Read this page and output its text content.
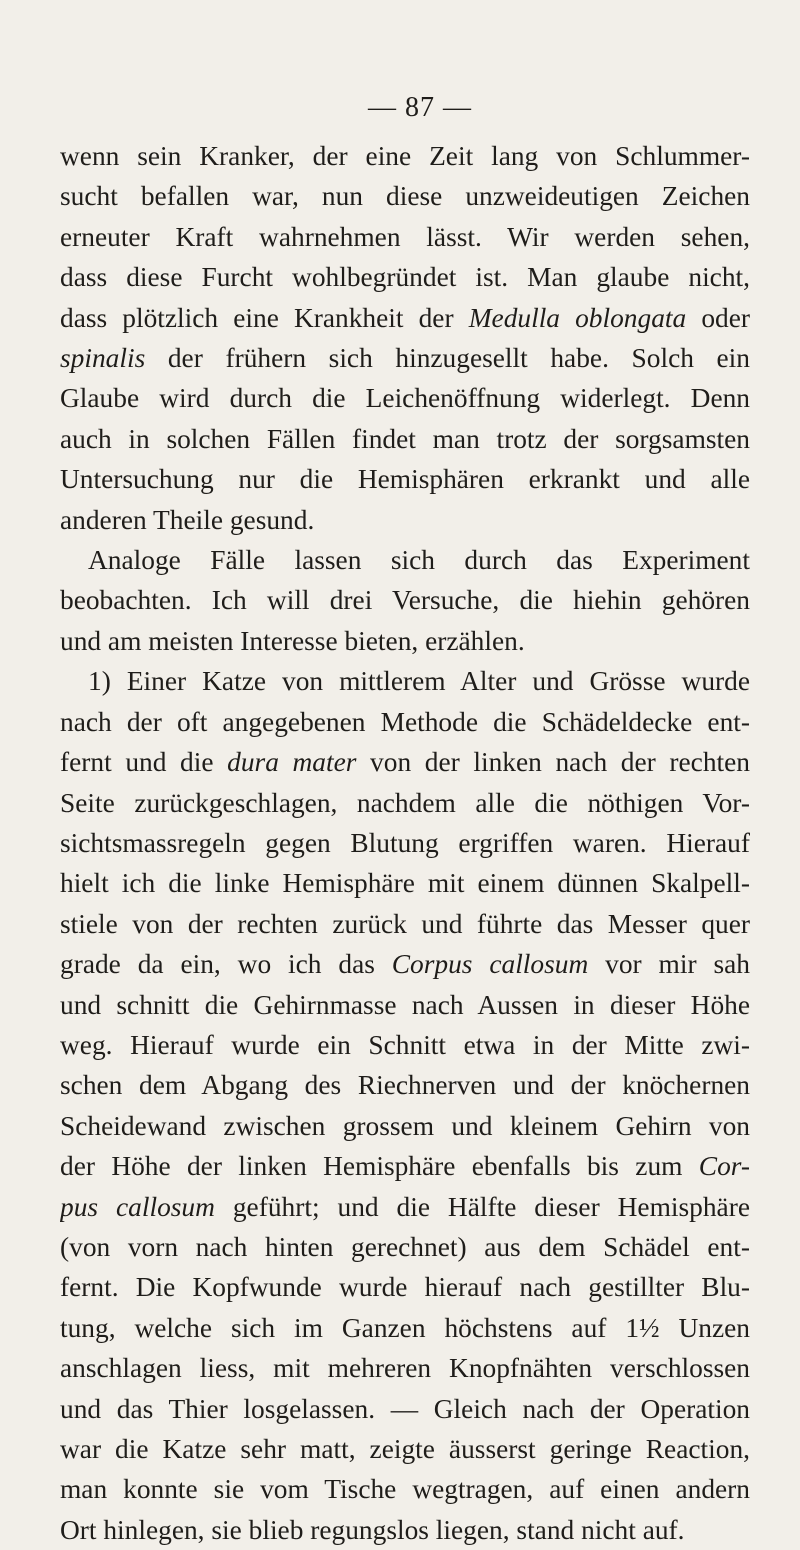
— 87 —
wenn sein Kranker, der eine Zeit lang von Schlummer-
sucht befallen war, nun diese unzweideutigen Zeichen
erneuter Kraft wahrnehmen lässt. Wir werden sehen,
dass diese Furcht wohlbegründet ist. Man glaube nicht,
dass plötzlich eine Krankheit der Medulla oblongata oder
spinalis der frühern sich hinzugesellt habe. Solch ein
Glaube wird durch die Leichenöffnung widerlegt. Denn
auch in solchen Fällen findet man trotz der sorgsamsten
Untersuchung nur die Hemisphären erkrankt und alle
anderen Theile gesund.
Analoge Fälle lassen sich durch das Experiment
beobachten. Ich will drei Versuche, die hiehin gehören
und am meisten Interesse bieten, erzählen.
1) Einer Katze von mittlerem Alter und Grösse wurde
nach der oft angegebenen Methode die Schädeldecke ent-
fernt und die dura mater von der linken nach der rechten
Seite zurückgeschlagen, nachdem alle die nöthigen Vor-
sichtsmassregeln gegen Blutung ergriffen waren. Hierauf
hielt ich die linke Hemisphäre mit einem dünnen Skalpell-
stiele von der rechten zurück und führte das Messer quer
grade da ein, wo ich das Corpus callosum vor mir sah
und schnitt die Gehirnmasse nach Aussen in dieser Höhe
weg. Hierauf wurde ein Schnitt etwa in der Mitte zwi-
schen dem Abgang des Riechnerven und der knöchernen
Scheidewand zwischen grossem und kleinem Gehirn von
der Höhe der linken Hemisphäre ebenfalls bis zum Cor-
pus callosum geführt; und die Hälfte dieser Hemisphäre
(von vorn nach hinten gerechnet) aus dem Schädel ent-
fernt. Die Kopfwunde wurde hierauf nach gestillter Blu-
tung, welche sich im Ganzen höchstens auf 1½ Unzen
anschlagen liess, mit mehreren Knopfnähten verschlossen
und das Thier losgelassen. — Gleich nach der Operation
war die Katze sehr matt, zeigte äusserst geringe Reaction,
man konnte sie vom Tische wegtragen, auf einen andern
Ort hinlegen, sie blieb regungslos liegen, stand nicht auf.
